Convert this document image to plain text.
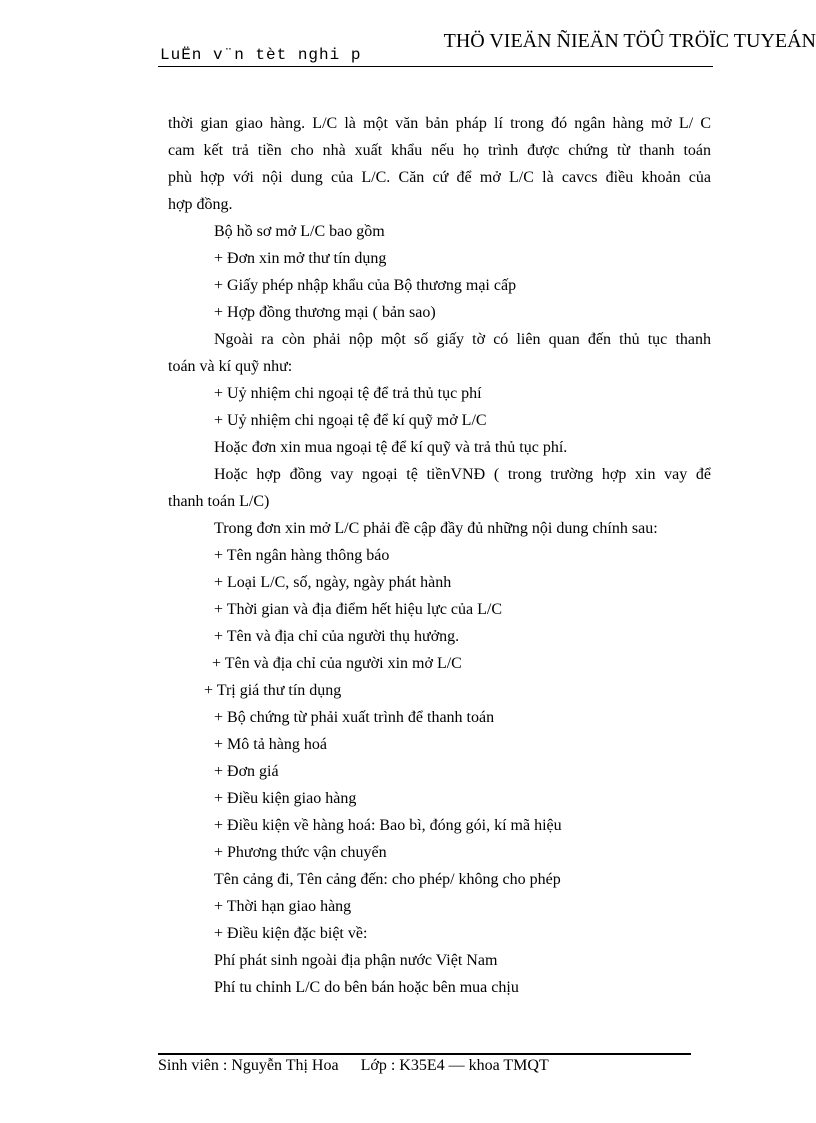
LuËn v¨n tèt nghi p
THÖ VIEÄN ÑIEÄN TÖÛ TRÖÏC TUYEÁN
thời gian giao hàng. L/C là một văn bản pháp lí trong đó ngân hàng mở L/ C
cam kết trả tiền cho nhà xuất khẩu nếu họ trình được chứng từ thanh toán
phù hợp với nội dung của L/C. Căn cứ để mở L/C là cavcs điều khoản của
hợp đồng.
Bộ hồ sơ mở L/C bao gồm
+ Đơn xin mở thư tín dụng
+ Giấy phép nhập khẩu của Bộ thương mại cấp
+ Hợp đồng thương mại ( bản sao)
Ngoài ra còn phải nộp một số giấy tờ có liên quan đến thủ tục thanh
toán và kí quỹ như:
+ Uỷ nhiệm chi ngoại tệ để trả thủ tục phí
+ Uỷ nhiệm chi ngoại tệ để kí quỹ mở L/C
Hoặc đơn xin mua ngoại tệ để kí quỹ và trả thủ tục phí.
Hoặc hợp đồng vay ngoại tệ tiềnVNĐ ( trong trường hợp xin vay để
thanh toán L/C)
Trong đơn xin mở L/C phải đề cập đầy đủ những nội dung chính sau:
+ Tên ngân hàng thông báo
+ Loại L/C, số, ngày, ngày phát hành
+ Thời gian và địa điểm hết hiệu lực của L/C
+ Tên và địa chỉ của người thụ hưởng.
+ Tên và địa chỉ của người xin mở L/C
+ Trị giá thư tín dụng
+ Bộ chứng từ phải xuất trình để thanh toán
+ Mô tả hàng hoá
+ Đơn giá
+ Điều kiện giao hàng
+ Điều kiện về hàng hoá: Bao bì, đóng gói, kí mã hiệu
+ Phương thức vận chuyển
Tên cảng đi, Tên cảng đến: cho phép/ không cho phép
+ Thời hạn giao hàng
+ Điều kiện đặc biệt về:
Phí phát sinh ngoài địa phận nước Việt Nam
Phí tu chỉnh L/C do bên bán hoặc bên mua chịu
Sinh viên : Nguyễn Thị Hoa Lớp : K35E4 — khoa TMQT
